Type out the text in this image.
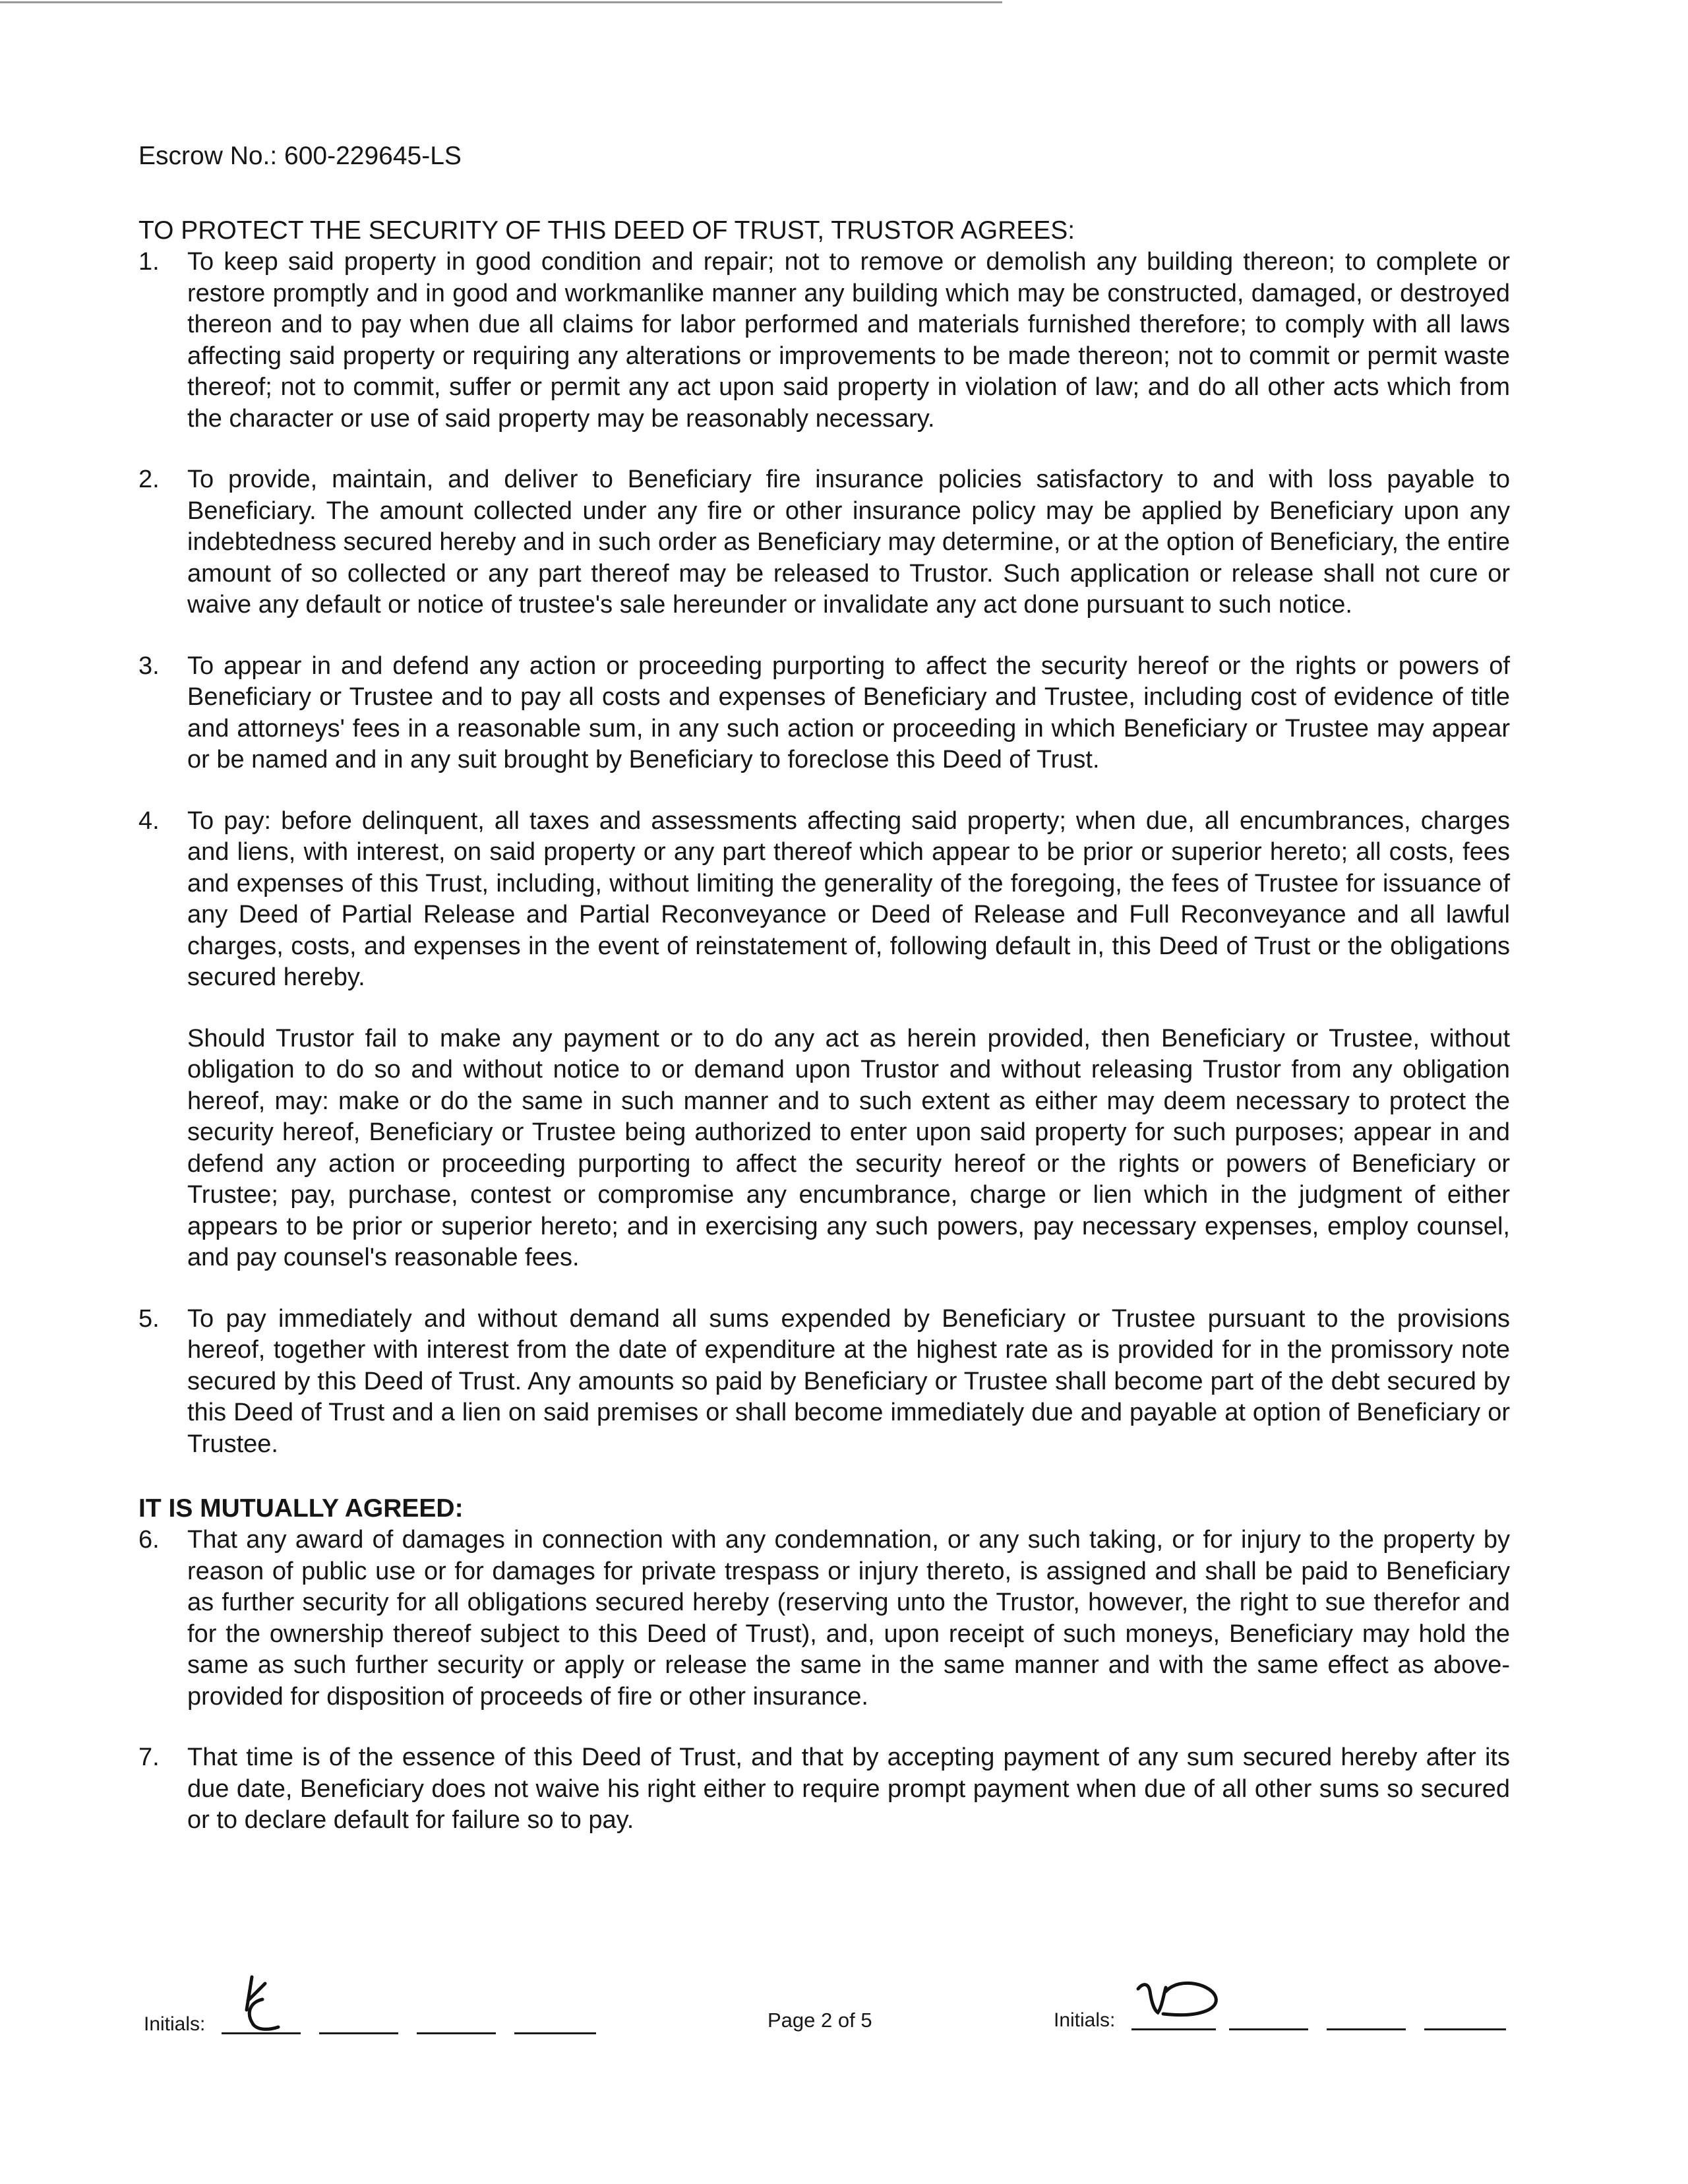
Escrow No.: 600-229645-LS
TO PROTECT THE SECURITY OF THIS DEED OF TRUST, TRUSTOR AGREES:
1.	To keep said property in good condition and repair; not to remove or demolish any building thereon; to complete or restore promptly and in good and workmanlike manner any building which may be constructed, damaged, or destroyed thereon and to pay when due all claims for labor performed and materials furnished therefore; to comply with all laws affecting said property or requiring any alterations or improvements to be made thereon; not to commit or permit waste thereof; not to commit, suffer or permit any act upon said property in violation of law; and do all other acts which from the character or use of said property may be reasonably necessary.

2.	To provide, maintain, and deliver to Beneficiary fire insurance policies satisfactory to and with loss payable to Beneficiary. The amount collected under any fire or other insurance policy may be applied by Beneficiary upon any indebtedness secured hereby and in such order as Beneficiary may determine, or at the option of Beneficiary, the entire amount of so collected or any part thereof may be released to Trustor. Such application or release shall not cure or waive any default or notice of trustee's sale hereunder or invalidate any act done pursuant to such notice.

3.	To appear in and defend any action or proceeding purporting to affect the security hereof or the rights or powers of Beneficiary or Trustee and to pay all costs and expenses of Beneficiary and Trustee, including cost of evidence of title and attorneys' fees in a reasonable sum, in any such action or proceeding in which Beneficiary or Trustee may appear or be named and in any suit brought by Beneficiary to foreclose this Deed of Trust.

4.	To pay: before delinquent, all taxes and assessments affecting said property; when due, all encumbrances, charges and liens, with interest, on said property or any part thereof which appear to be prior or superior hereto; all costs, fees and expenses of this Trust, including, without limiting the generality of the foregoing, the fees of Trustee for issuance of any Deed of Partial Release and Partial Reconveyance or Deed of Release and Full Reconveyance and all lawful charges, costs, and expenses in the event of reinstatement of, following default in, this Deed of Trust or the obligations secured hereby.

Should Trustor fail to make any payment or to do any act as herein provided, then Beneficiary or Trustee, without obligation to do so and without notice to or demand upon Trustor and without releasing Trustor from any obligation hereof, may: make or do the same in such manner and to such extent as either may deem necessary to protect the security hereof, Beneficiary or Trustee being authorized to enter upon said property for such purposes; appear in and defend any action or proceeding purporting to affect the security hereof or the rights or powers of Beneficiary or Trustee; pay, purchase, contest or compromise any encumbrance, charge or lien which in the judgment of either appears to be prior or superior hereto; and in exercising any such powers, pay necessary expenses, employ counsel, and pay counsel's reasonable fees.
5.	To pay immediately and without demand all sums expended by Beneficiary or Trustee pursuant to the provisions hereof, together with interest from the date of expenditure at the highest rate as is provided for in the promissory note secured by this Deed of Trust. Any amounts so paid by Beneficiary or Trustee shall become part of the debt secured by this Deed of Trust and a lien on said premises or shall become immediately due and payable at option of Beneficiary or Trustee.

IT IS MUTUALLY AGREED:
6.	That any award of damages in connection with any condemnation, or any such taking, or for injury to the property by reason of public use or for damages for private trespass or injury thereto, is assigned and shall be paid to Beneficiary as further security for all obligations secured hereby (reserving unto the Trustor, however, the right to sue therefor and for the ownership thereof subject to this Deed of Trust), and, upon receipt of such moneys, Beneficiary may hold the same as such further security or apply or release the same in the same manner and with the same effect as above-provided for disposition of proceeds of fire or other insurance.

7.	That time is of the essence of this Deed of Trust, and that by accepting payment of any sum secured hereby after its due date, Beneficiary does not waive his right either to require prompt payment when due of all other sums so secured or to declare default for failure so to pay.

Initials:	Page 2 of 5	Initials:
